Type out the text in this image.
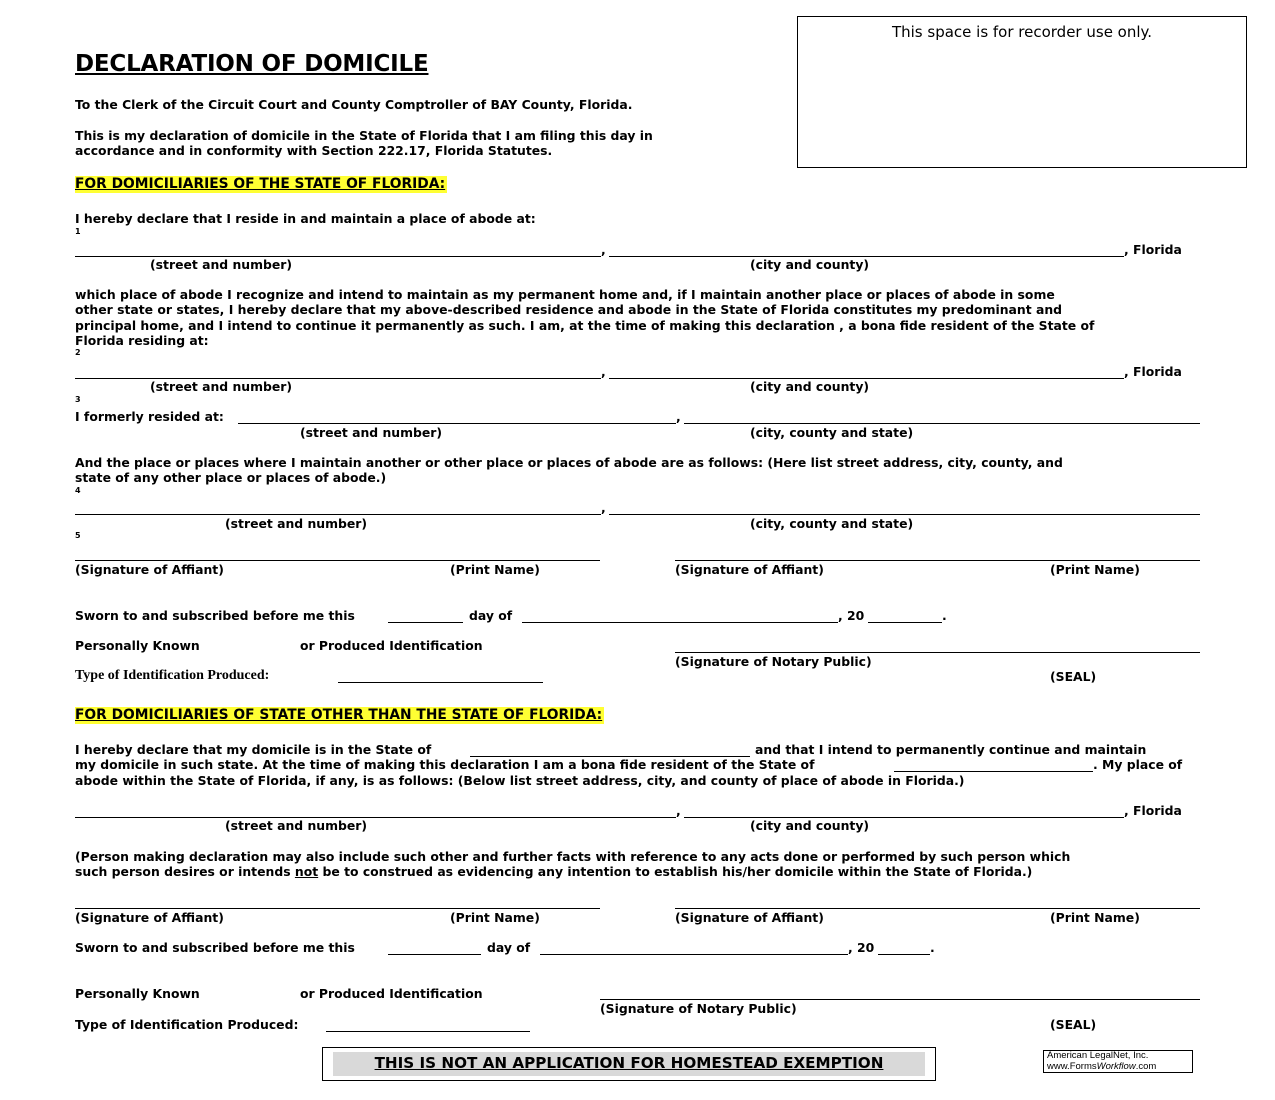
This space is for recorder use only.
DECLARATION OF DOMICILE
To the Clerk of the Circuit Court and County Comptroller of BAY County, Florida.
This is my declaration of domicile in the State of Florida that I am filing this day in
accordance and in conformity with Section 222.17, Florida Statutes.
FOR DOMICILIARIES OF THE STATE OF FLORIDA:
I hereby declare that I reside in and maintain a place of abode at:
1
,	, Florida
(street and number)	(city and county)
which place of abode I recognize and intend to maintain as my permanent home and, if I maintain another place or places of abode in some
other state or states, I hereby declare that my above-described residence and abode in the State of Florida constitutes my predominant and
principal home, and I intend to continue it permanently as such. I am, at the time of making this declaration , a bona fide resident of the State of
Florida residing at:
2
,	, Florida
(street and number)	(city and county)
3
I formerly resided at:	,
(street and number)	(city, county and state)
And the place or places where I maintain another or other place or places of abode are as follows: (Here list street address, city, county, and
state of any other place or places of abode.)
4
,
(street and number)	(city, county and state)
5
(Signature of Affiant)	(Print Name)	(Signature of Affiant)	(Print Name)
Sworn to and subscribed before me this	day of	, 20	.
Personally Known	or Produced Identification
(Signature of Notary Public)
Type of Identification Produced:	(SEAL)
FOR DOMICILIARIES OF STATE OTHER THAN THE STATE OF FLORIDA:
I hereby declare that my domicile is in the State of	and that I intend to permanently continue and maintain
my domicile in such state. At the time of making this declaration I am a bona fide resident of the State of	. My place of
abode within the State of Florida, if any, is as follows: (Below list street address, city, and county of place of abode in Florida.)
,	, Florida
(street and number)	(city and county)
(Person making declaration may also include such other and further facts with reference to any acts done or performed by such person which
such person desires or intends not be to construed as evidencing any intention to establish his/her domicile within the State of Florida.)
(Signature of Affiant)	(Print Name)	(Signature of Affiant)	(Print Name)
Sworn to and subscribed before me this	day of	, 20	.
Personally Known	or Produced Identification
(Signature of Notary Public)
Type of Identification Produced:	(SEAL)
THIS IS NOT AN APPLICATION FOR HOMESTEAD EXEMPTION	American LegalNet, Inc.
www.FormsWorkflow.com
